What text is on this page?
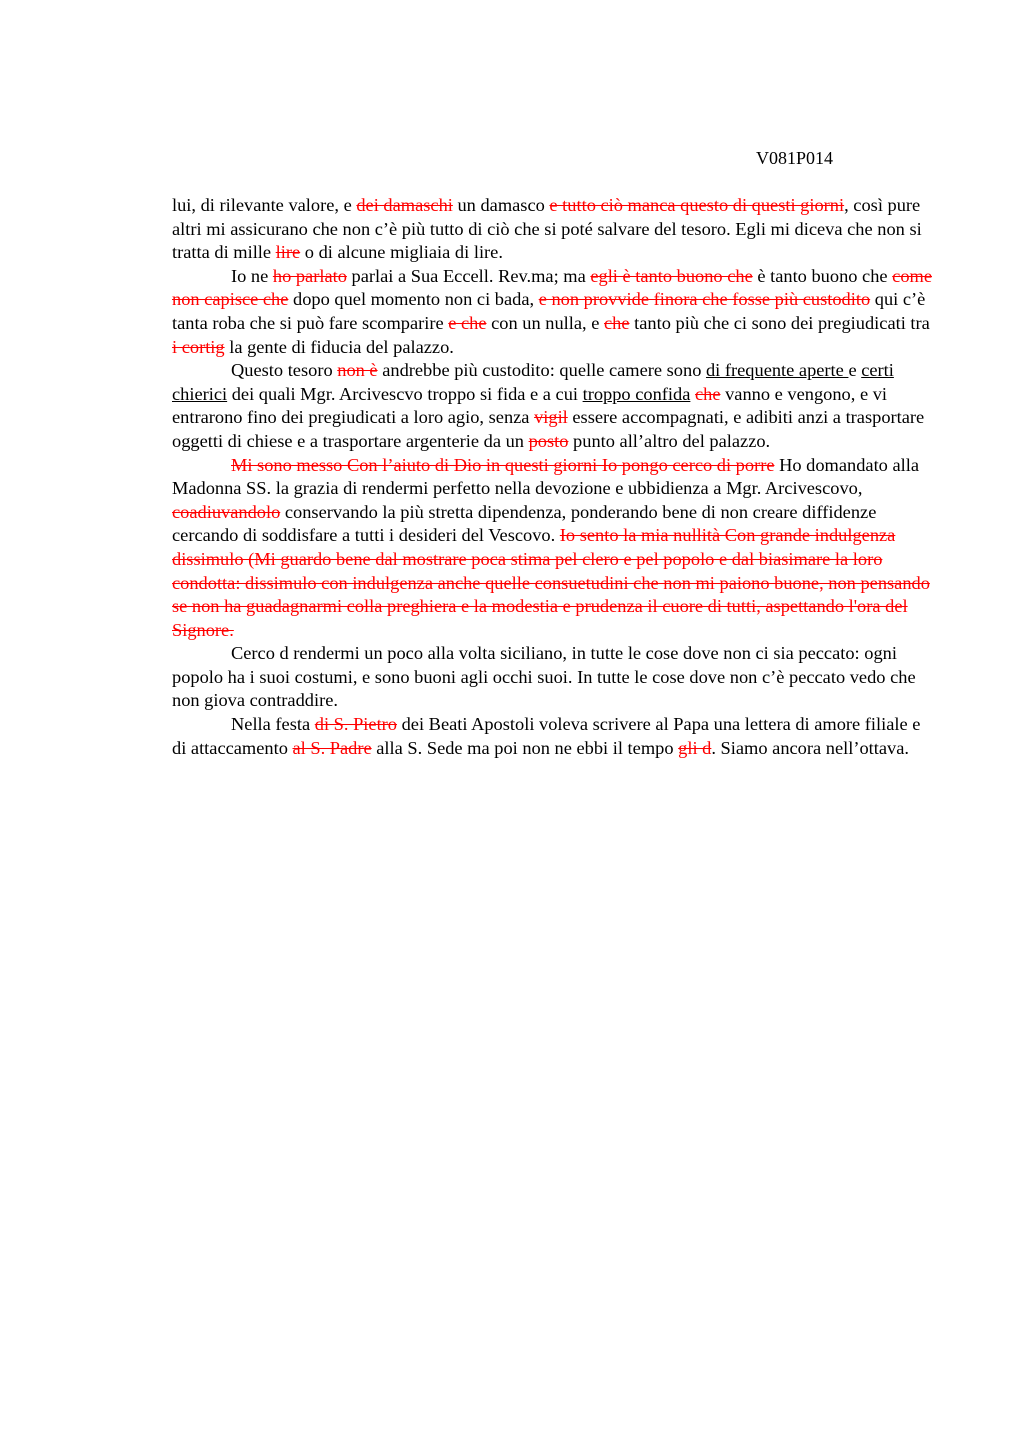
V081P014

lui, di rilevante valore, e dei damaschi un damasco e tutto ciò manca questo di questi giorni, così pure altri mi assicurano che non c’è più tutto di ciò che si poté salvare del tesoro. Egli mi diceva che non si tratta di mille lire o di alcune migliaia di lire.

Io ne ho parlato parlai a Sua Eccell. Rev.ma; ma egli è tanto buono che è tanto buono che come non capisce che dopo quel momento non ci bada, e non provvide finora che fosse più custodito qui c’è tanta roba che si può fare scomparire e che con un nulla, e che tanto più che ci sono dei pregiudicati tra i cortig la gente di fiducia del palazzo.

Questo tesoro non è andrebbe più custodito: quelle camere sono di frequente aperte e certi chierici dei quali Mgr. Arcivescvo troppo si fida e a cui troppo confida che vanno e vengono, e vi entrarono fino dei pregiudicati a loro agio, senza vigil essere accompagnati, e adibiti anzi a trasportare oggetti di chiese e a trasportare argenterie da un posto punto all’altro del palazzo.

Mi sono messo Con l’aiuto di Dio in questi giorni Io pongo cerco di porre Ho domandato alla Madonna SS. la grazia di rendermi perfetto nella devozione e ubbidienza a Mgr. Arcivescovo, coadiuvandolo conservando la più stretta dipendenza, ponderando bene di non creare diffidenze cercando di soddisfare a tutti i desideri del Vescovo. Io sento la mia nullità Con grande indulgenza dissimulo (Mi guardo bene dal mostrare poca stima pel clero e pel popolo e dal biasimare la loro condotta: dissimulo con indulgenza anche quelle consuetudini che non mi paiono buone, non pensando se non ha guadagnarmi colla preghiera e la modestia e prudenza il cuore di tutti, aspettando l'ora del Signore.

Cerco d rendermi un poco alla volta siciliano, in tutte le cose dove non ci sia peccato: ogni popolo ha i suoi costumi, e sono buoni agli occhi suoi. In tutte le cose dove non c’è peccato vedo che non giova contraddire.

Nella festa di S. Pietro dei Beati Apostoli voleva scrivere al Papa una lettera di amore filiale e di attaccamento al S. Padre alla S. Sede ma poi non ne ebbi il tempo gli d. Siamo ancora nell’ottava.
